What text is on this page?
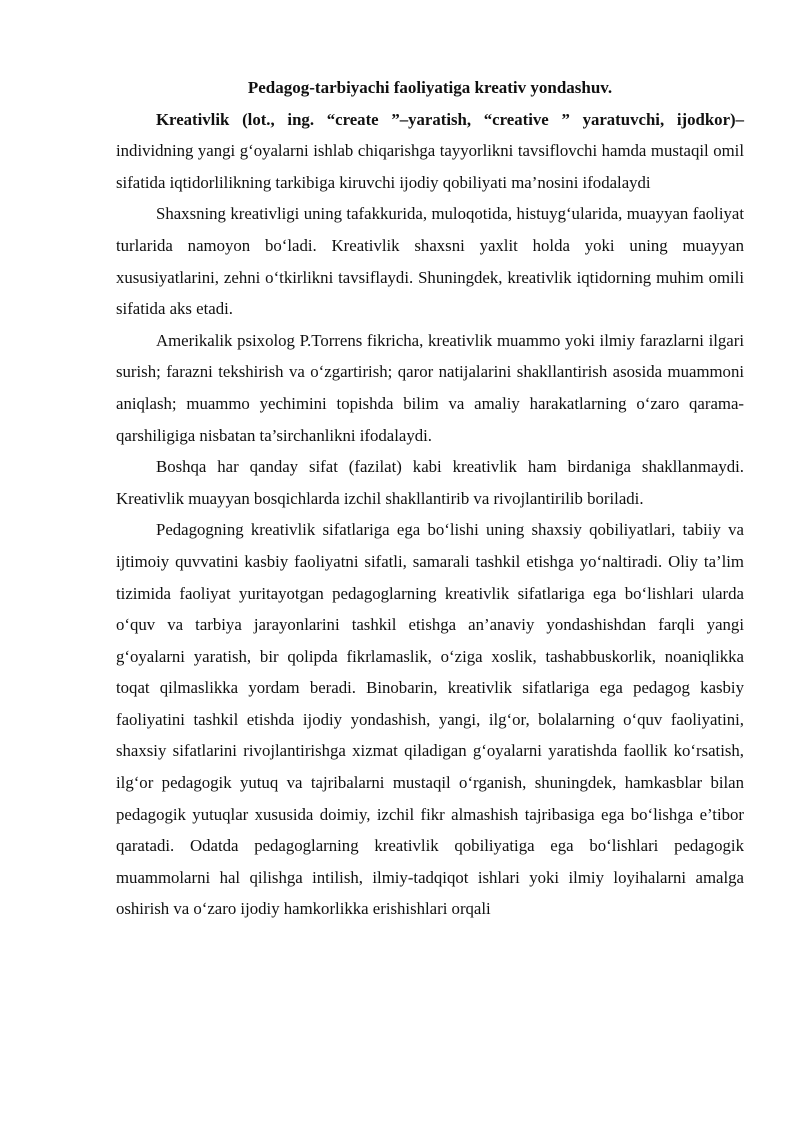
Pedagog-tarbiyachi faoliyatiga kreativ yondashuv.

Kreativlik (lot., ing. “create ”–yaratish, “creative ” yaratuvchi, ijodkor)– individning yangi g‘oyalarni ishlab chiqarishga tayyorlikni tavsiflovchi hamda mustaqil omil sifatida iqtidorlilikning tarkibiga kiruvchi ijodiy qobiliyati ma’nosini ifodalaydi

Shaxsning kreativligi uning tafakkurida, muloqotida, histuyg‘ularida, muayyan faoliyat turlarida namoyon bo‘ladi. Kreativlik shaxsni yaxlit holda yoki uning muayyan xususiyatlarini, zehni o‘tkirlikni tavsiflaydi. Shuningdek, kreativlik iqtidorning muhim omili sifatida aks etadi.

Amerikalik psixolog P.Torrens fikricha, kreativlik muammo yoki ilmiy farazlarni ilgari surish; farazni tekshirish va o‘zgartirish; qaror natijalarini shakllantirish asosida muammoni aniqlash; muammo yechimini topishda bilim va amaliy harakatlarning o‘zaro qarama-qarshiligiga nisbatan ta’sirchanlikni ifodalaydi.

Boshqa har qanday sifat (fazilat) kabi kreativlik ham birdaniga shakllanmaydi. Kreativlik muayyan bosqichlarda izchil shakllantirib va rivojlantirilib boriladi.

Pedagogning kreativlik sifatlariga ega bo‘lishi uning shaxsiy qobiliyatlari, tabiiy va ijtimoiy quvvatini kasbiy faoliyatni sifatli, samarali tashkil etishga yo‘naltiradi. Oliy ta’lim tizimida faoliyat yuritayotgan pedagoglarning kreativlik sifatlariga ega bo‘lishlari ularda o‘quv va tarbiya jarayonlarini tashkil etishga an’anaviy yondashishdan farqli yangi g‘oyalarni yaratish, bir qolipda fikrlamaslik, o‘ziga xoslik, tashabbuskorlik, noaniqlikka toqat qilmaslikka yordam beradi. Binobarin, kreativlik sifatlariga ega pedagog kasbiy faoliyatini tashkil etishda ijodiy yondashish, yangi, ilg‘or, bolalarning o‘quv faoliyatini, shaxsiy sifatlarini rivojlantirishga xizmat qiladigan g‘oyalarni yaratishda faollik ko‘rsatish, ilg‘or pedagogik yutuq va tajribalarni mustaqil o‘rganish, shuningdek, hamkasblar bilan pedagogik yutuqlar xususida doimiy, izchil fikr almashish tajribasiga ega bo‘lishga e’tibor qaratadi. Odatda pedagoglarning kreativlik qobiliyatiga ega bo‘lishlari pedagogik muammolarni hal qilishga intilish, ilmiy-tadqiqot ishlari yoki ilmiy loyihalarni amalga oshirish va o‘zaro ijodiy hamkorlikka erishishlari orqali
